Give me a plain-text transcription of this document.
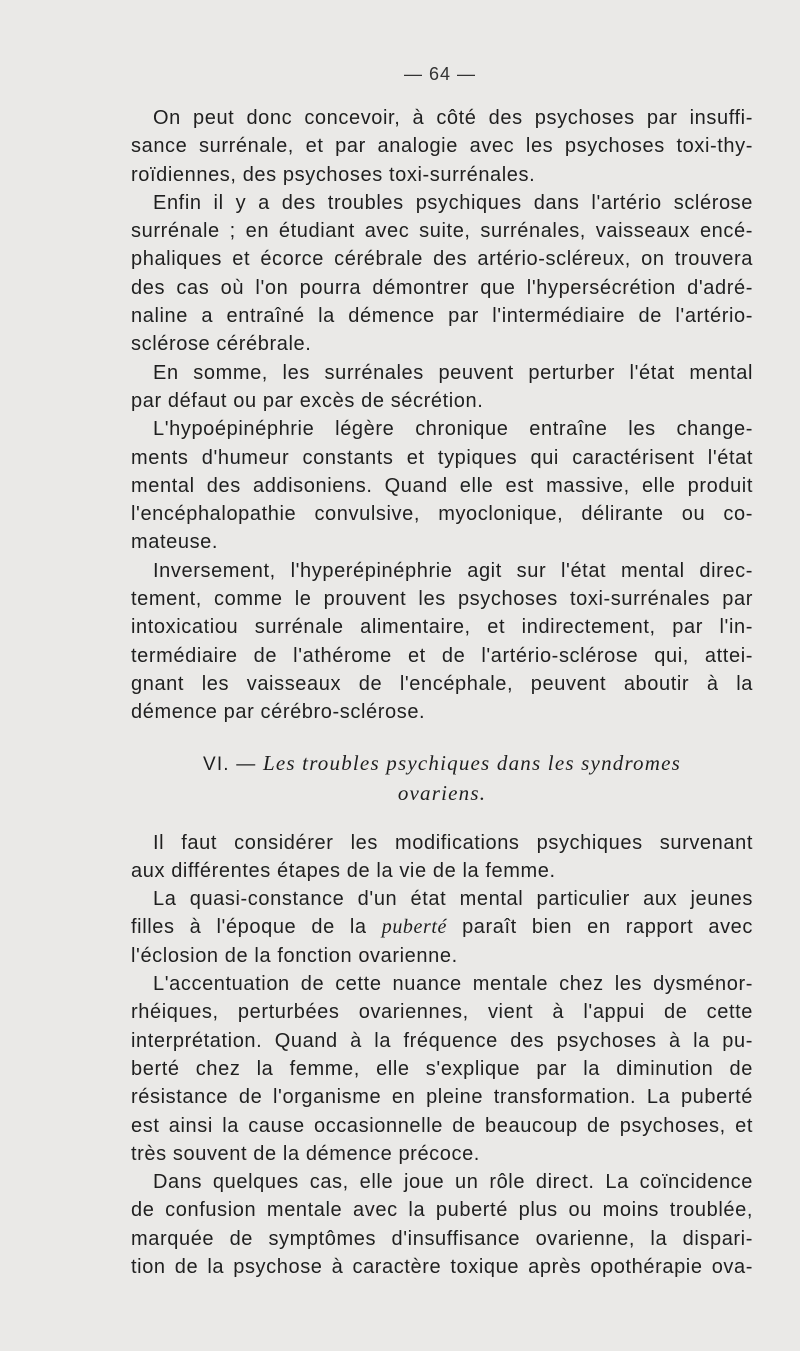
— 64 —
On peut donc concevoir, à côté des psychoses par insuffi-
sance surrénale, et par analogie avec les psychoses toxi-thy-
roïdiennes, des psychoses toxi-surrénales.
Enfin il y a des troubles psychiques dans l'artério sclérose
surrénale ; en étudiant avec suite, surrénales, vaisseaux encé-
phaliques et écorce cérébrale des artério-scléreux, on trouvera
des cas où l'on pourra démontrer que l'hypersécrétion d'adré-
naline a entraîné la démence par l'intermédiaire de l'artério-
sclérose cérébrale.
En somme, les surrénales peuvent perturber l'état mental
par défaut ou par excès de sécrétion.
L'hypoépinéphrie légère chronique entraîne les change-
ments d'humeur constants et typiques qui caractérisent l'état
mental des addisoniens. Quand elle est massive, elle produit
l'encéphalopathie convulsive, myoclonique, délirante ou co-
mateuse.
Inversement, l'hyperépinéphrie agit sur l'état mental direc-
tement, comme le prouvent les psychoses toxi-surrénales par
intoxicatiou surrénale alimentaire, et indirectement, par l'in-
termédiaire de l'athérome et de l'artério-sclérose qui, attei-
gnant les vaisseaux de l'encéphale, peuvent aboutir à la
démence par cérébro-sclérose.
VI. — Les troubles psychiques dans les syndromes
ovariens.
Il faut considérer les modifications psychiques survenant
aux différentes étapes de la vie de la femme.
La quasi-constance d'un état mental particulier aux jeunes
filles à l'époque de la puberté paraît bien en rapport avec
l'éclosion de la fonction ovarienne.
L'accentuation de cette nuance mentale chez les dysménor-
rhéiques, perturbées ovariennes, vient à l'appui de cette
interprétation. Quand à la fréquence des psychoses à la pu-
berté chez la femme, elle s'explique par la diminution de
résistance de l'organisme en pleine transformation. La puberté
est ainsi la cause occasionnelle de beaucoup de psychoses, et
très souvent de la démence précoce.
Dans quelques cas, elle joue un rôle direct. La coïncidence
de confusion mentale avec la puberté plus ou moins troublée,
marquée de symptômes d'insuffisance ovarienne, la dispari-
tion de la psychose à caractère toxique après opothérapie ova-
